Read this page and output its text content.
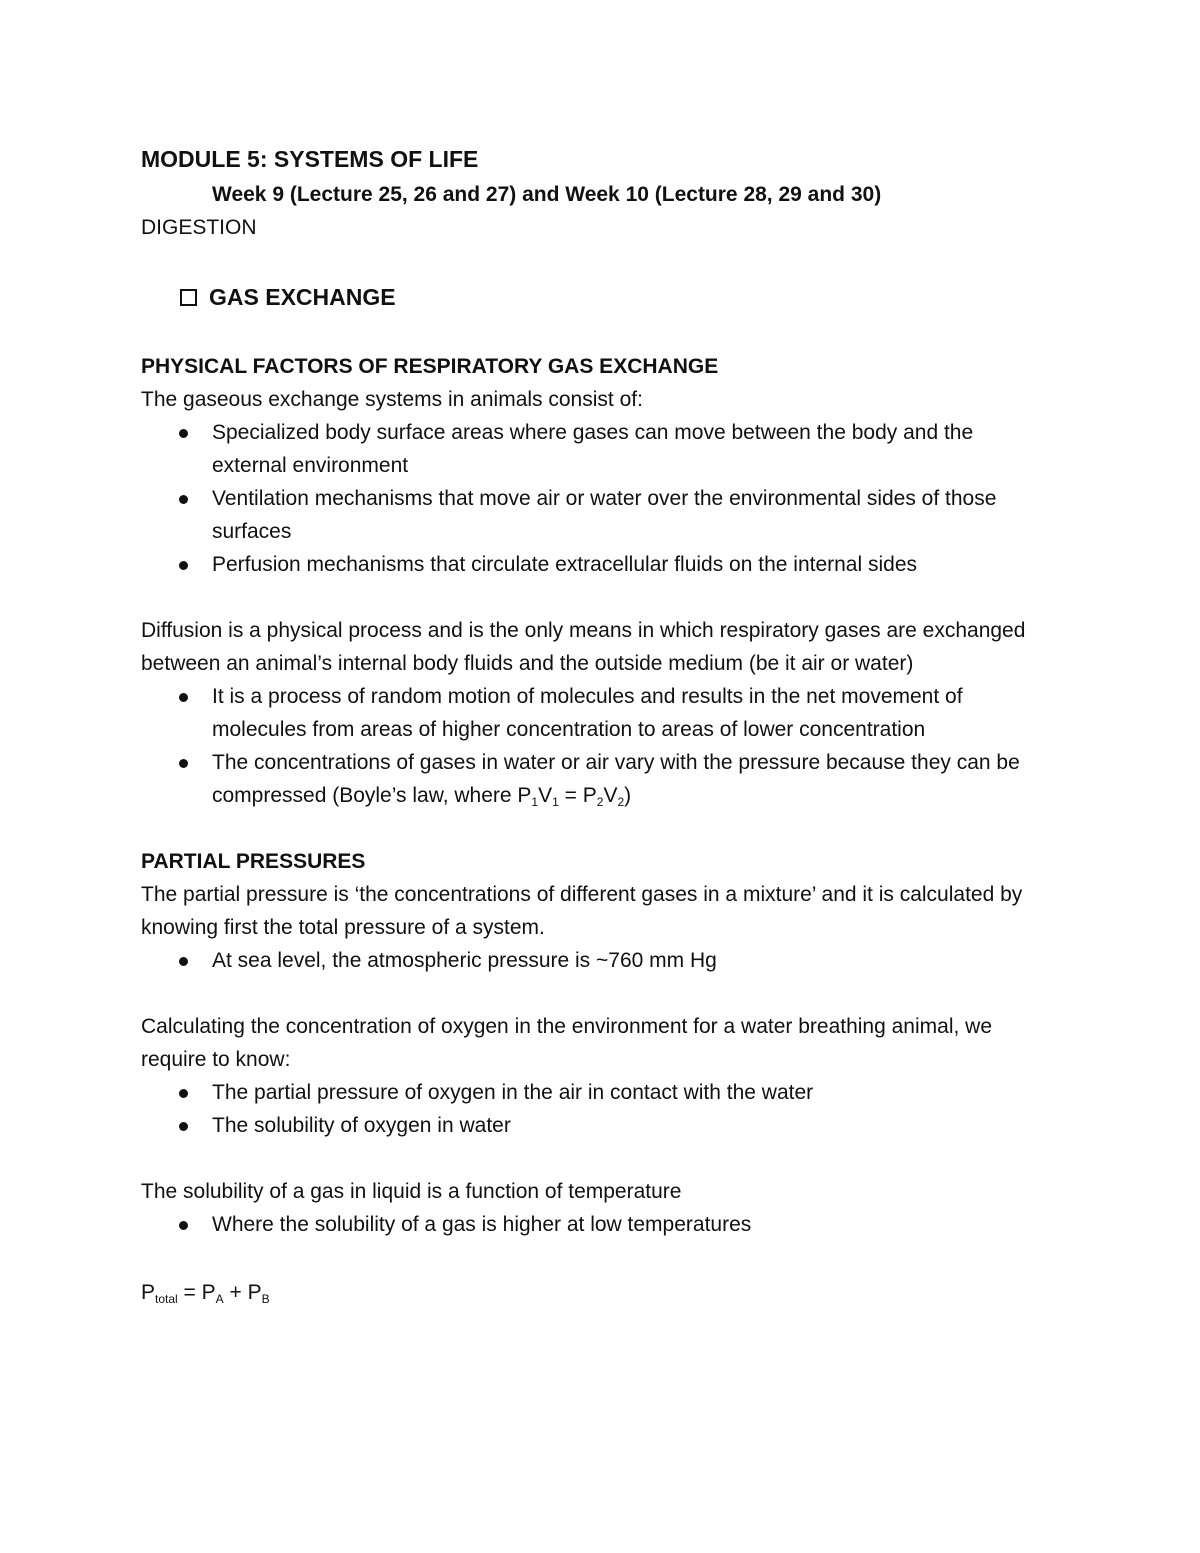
MODULE 5: SYSTEMS OF LIFE
Week 9 (Lecture 25, 26 and 27) and Week 10 (Lecture 28, 29 and 30)
DIGESTION
GAS EXCHANGE
PHYSICAL FACTORS OF RESPIRATORY GAS EXCHANGE
The gaseous exchange systems in animals consist of:
Specialized body surface areas where gases can move between the body and the
external environment
Ventilation mechanisms that move air or water over the environmental sides of those
surfaces
Perfusion mechanisms that circulate extracellular fluids on the internal sides
Diffusion is a physical process and is the only means in which respiratory gases are exchanged
between an animal’s internal body fluids and the outside medium (be it air or water)
It is a process of random motion of molecules and results in the net movement of
molecules from areas of higher concentration to areas of lower concentration
The concentrations of gases in water or air vary with the pressure because they can be
compressed (Boyle’s law, where $P_1V_1 = P_2V_2$)
PARTIAL PRESSURES
The partial pressure is ‘the concentrations of different gases in a mixture’ and it is calculated by
knowing first the total pressure of a system.
At sea level, the atmospheric pressure is ~760 mm Hg
Calculating the concentration of oxygen in the environment for a water breathing animal, we
require to know:
The partial pressure of oxygen in the air in contact with the water
The solubility of oxygen in water
The solubility of a gas in liquid is a function of temperature
Where the solubility of a gas is higher at low temperatures
$P_{total} = P_A + P_B$
